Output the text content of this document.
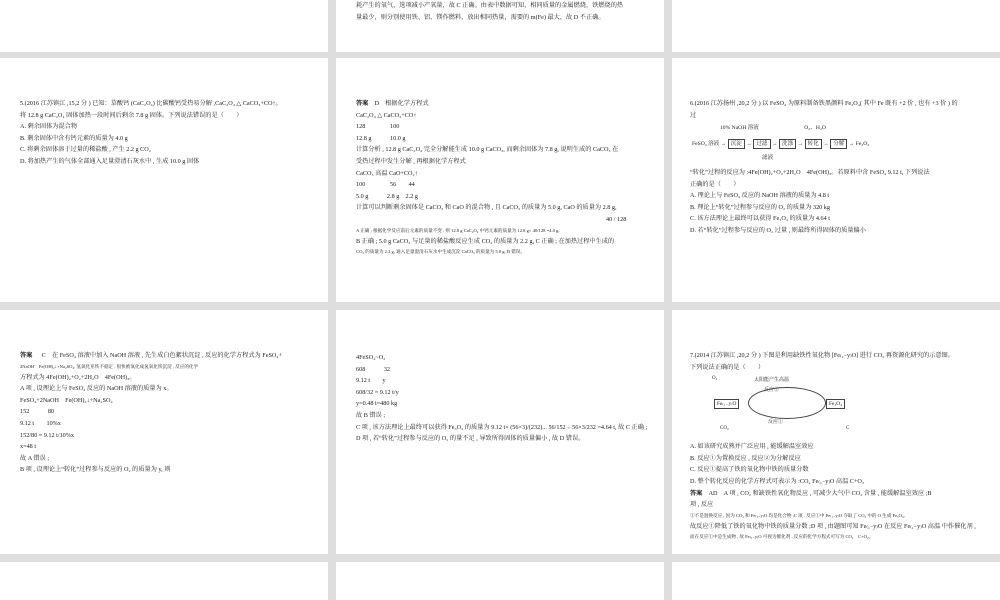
耗产生的氧气，选项减小产氧量，故 C 正确。由表中数据可知，相同质量的金属燃烧，铁燃烧的热

量最少，则分别使用铁、铝、镁作燃料，放出相同热量，需要的 m(Fe) 最大，故 D 不正确。

5.(2016 江苏镇江 ,15,2 分 ) 已知：草酸钙 (CaC₂O₄) 比碳酸钙受热易分解 ,CaC₂O₄ △ CaCO₃+CO↑。

将 12.8 g CaC₂O₄ 固体加热一段时间后剩余 7.8 g 固体。下列说法错误的是（　　）

A. 剩余固体为混合物

B. 剩余固体中含有钙元素的质量为 4.0 g

C. 将剩余固体溶于过量的稀盐酸 , 产生 2.2 g CO₂

D. 将加热产生的气体全部通入足量澄清石灰水中 , 生成 10.0 g 固体

答案 D　根据化学方程式

CaC₂O₄ △ CaCO₃+CO↑

128　　　　100

12.8 g　　　10.0 g

计算分析 , 12.8 g CaC₂O₄ 完全分解能生成 10.0 g CaCO₃, 而剩余固体为 7.8 g, 说明生成的 CaCO₃ 在

受热过程中发生分解 , 再根据化学方程式

CaCO₃ 高温 CaO+CO₂↑

100　　　　56　　44

5.0 g　　　2.8 g　2.2 g

计算可以判断剩余固体是 CaCO₃ 和 CaO 的混合物 , 且 CaCO₃ 的质量为 5.0 g, CaO 的质量为 2.8 g,

40 / 128

A 正确 ; 根据化学反应前后元素的质量不变 , 则 12.8 g CaC₂O₄ 中钙元素的质量为 12.8 g× 40/128 =4.0 g,

B 正确 ; 5.0 g CaCO₃ 与足量的稀盐酸反应生成 CO₂ 的质量为 2.2 g, C 正确 ; 在加热过程中生成的

CO₂ 的质量为 2.2 g, 通入足量澄清石灰水中生成沉淀 CaCO₃ 的质量为 5.0 g, D 错误。

6.(2016 江苏扬州 ,20,2 分 ) 以 FeSO₄ 为原料制备铁黑颜料 Fe₃O₄( 其中 Fe 既有 +2 价 , 也有 +3 价 ) 的

过

10% NaOH 溶液	O₂、H₂O
FeSO₄ 溶液 → 沉淀 → 过滤 → 洗涤 → 转化 → 分解 → Fe₃O₄
滤液

“转化”过程的反应为 :4Fe(OH)₂+O₂+2H₂O　4Fe(OH)₃。若原料中含 FeSO₄ 9.12 t, 下列说法

正确的是（　　）

A. 理论上与 FeSO₄ 反应的 NaOH 溶液的质量为 4.8 t

B. 理论上“转化”过程参与反应的 O₂ 的质量为 320 kg

C. 该方法理论上最终可以获得 Fe₃O₄ 的质量为 4.64 t

D. 若“转化”过程参与反应的 O₂ 过量 , 则最终所得固体的质量偏小

答案 C　在 FeSO₄ 溶液中加入 NaOH 溶液 , 先生成白色絮状沉淀 , 反应的化学方程式为 FeSO₄+

2NaOH　Fe(OH)₂↓+Na₂SO₄, 氢氧化亚铁不稳定 , 很快被氧化成氢氧化铁沉淀 , 反应的化学

方程式为 4Fe(OH)₂+O₂+2H₂O　4Fe(OH)₃。

A 项 , 设理论上与 FeSO₄ 反应的 NaOH 溶液的质量为 x。

FeSO₄+2NaOH　Fe(OH)₂↓+Na₂SO₄

152　　　80

9.12 t　　10%x

152/80 = 9.12 t/10%x

x=48 t

故 A 错误 ;

B 项 , 设理论上“转化”过程参与反应的 O₂ 的质量为 y, 则

4FeSO₄~O₂

608　　　32

9.12 t　　y

608/32 = 9.12 t/y

y=0.48 t=480 kg

故 B 错误 ;

C 项 , 该方法理论上最终可以获得 Fe₃O₄ 的质量为 9.12 t× (56×3)/(232)... 56/152 ÷ 56×3/232 =4.64 t, 故 C 正确 ;

D 项 , 若“转化”过程参与反应的 O₂ 的量不足 , 导致所得固体的质量偏小 , 故 D 错误。

7.(2014 江苏镇江 ,20,2 分 ) 下图是利用缺铁性氧化物 [Fe₍₁₋y₎O] 进行 CO₂ 再资源化研究的示意图。

下列说法正确的是（　　）

O₂	太阳能产生高温
反应②
Fe₍₁₋y₎O	Fe₃O₄
反应①
CO₂	C

A. 如该研究成熟并广泛应用 , 能缓解温室效应

B. 反应①为置换反应 , 反应②为分解反应

C. 反应①提高了铁的氧化物中铁的质量分数

D. 整个转化反应的化学方程式可表示为 :CO₂ Fe₍₁₋y₎O 高温 C+O₂

答案 AD　A 项 , CO₂ 和缺铁性氧化物反应 , 可减少大气中 CO₂ 含量 , 能缓解温室效应 ;B

项 , 反应

①不是置换反应 , 因为 CO₂ 和 Fe₍₁₋y₎O 均是化合物 ;C 项 , 反应①中 Fe₍₁₋y₎O 夺取了 CO₂ 中的 O 生成 Fe₃O₄,

故反应①降低了铁的氧化物中铁的质量分数 ;D 项 , 由题图可知 Fe₍₁₋y₎O 在反应 Fe₍₁₋y₎O 高温 中作催化剂 ,

而在反应①中是生成物 , 故 Fe₍₁₋y₎O 可视为催化剂 , 反应的化学方程式可写为 CO₂　C+O₂。
